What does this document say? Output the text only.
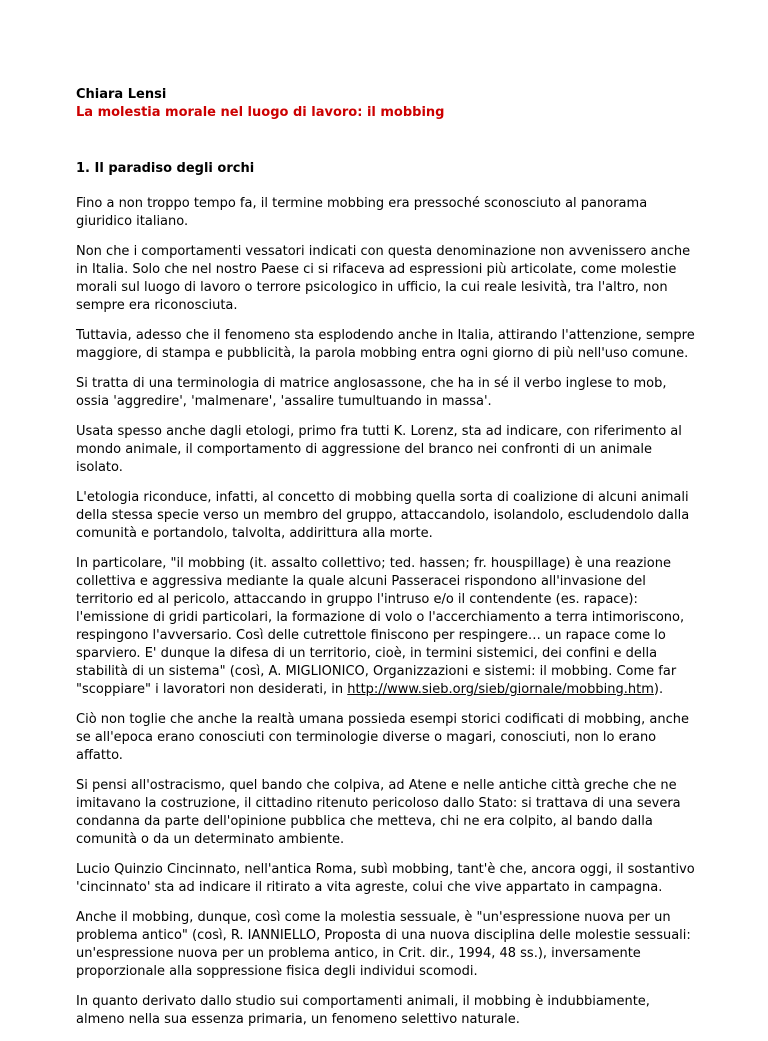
Chiara Lensi
La molestia morale nel luogo di lavoro: il mobbing
1. Il paradiso degli orchi

Fino a non troppo tempo fa, il termine mobbing era pressoché sconosciuto al panorama giuridico italiano.

Non che i comportamenti vessatori indicati con questa denominazione non avvenissero anche in Italia. Solo che nel nostro Paese ci si rifaceva ad espressioni più articolate, come molestie morali sul luogo di lavoro o terrore psicologico in ufficio, la cui reale lesività, tra l'altro, non sempre era riconosciuta.

Tuttavia, adesso che il fenomeno sta esplodendo anche in Italia, attirando l'attenzione, sempre maggiore, di stampa e pubblicità, la parola mobbing entra ogni giorno di più nell'uso comune.

Si tratta di una terminologia di matrice anglosassone, che ha in sé il verbo inglese to mob, ossia 'aggredire', 'malmenare', 'assalire tumultuando in massa'.

Usata spesso anche dagli etologi, primo fra tutti K. Lorenz, sta ad indicare, con riferimento al mondo animale, il comportamento di aggressione del branco nei confronti di un animale isolato.

L'etologia riconduce, infatti, al concetto di mobbing quella sorta di coalizione di alcuni animali della stessa specie verso un membro del gruppo, attaccandolo, isolandolo, escludendolo dalla comunità e portandolo, talvolta, addirittura alla morte.

In particolare, "il mobbing (it. assalto collettivo; ted. hassen; fr. houspillage) è una reazione collettiva e aggressiva mediante la quale alcuni Passeracei rispondono all'invasione del territorio ed al pericolo, attaccando in gruppo l'intruso e/o il contendente (es. rapace): l'emissione di gridi particolari, la formazione di volo o l'accerchiamento a terra intimoriscono, respingono l'avversario. Così delle cutrettole finiscono per respingere… un rapace come lo sparviero. E' dunque la difesa di un territorio, cioè, in termini sistemici, dei confini e della stabilità di un sistema" (così, A. MIGLIONICO, Organizzazioni e sistemi: il mobbing. Come far "scoppiare" i lavoratori non desiderati, in http://www.sieb.org/sieb/giornale/mobbing.htm).

Ciò non toglie che anche la realtà umana possieda esempi storici codificati di mobbing, anche se all'epoca erano conosciuti con terminologie diverse o magari, conosciuti, non lo erano affatto.

Si pensi all'ostracismo, quel bando che colpiva, ad Atene e nelle antiche città greche che ne imitavano la costruzione, il cittadino ritenuto pericoloso dallo Stato: si trattava di una severa condanna da parte dell'opinione pubblica che metteva, chi ne era colpito, al bando dalla comunità o da un determinato ambiente.

Lucio Quinzio Cincinnato, nell'antica Roma, subì mobbing, tant'è che, ancora oggi, il sostantivo 'cincinnato' sta ad indicare il ritirato a vita agreste, colui che vive appartato in campagna.

Anche il mobbing, dunque, così come la molestia sessuale, è "un'espressione nuova per un problema antico" (così, R. IANNIELLO, Proposta di una nuova disciplina delle molestie sessuali: un'espressione nuova per un problema antico, in Crit. dir., 1994, 48 ss.), inversamente proporzionale alla soppressione fisica degli individui scomodi.

In quanto derivato dallo studio sui comportamenti animali, il mobbing è indubbiamente, almeno nella sua essenza primaria, un fenomeno selettivo naturale.
